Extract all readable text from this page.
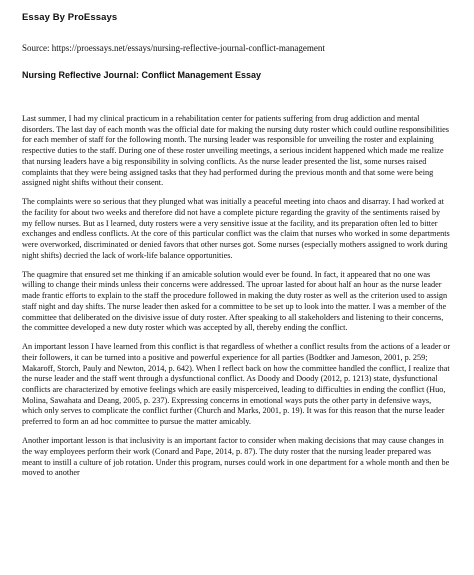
Essay By ProEssays

Source: https://proessays.net/essays/nursing-reflective-journal-conflict-management

Nursing Reflective Journal: Conflict Management Essay

Last summer, I had my clinical practicum in a rehabilitation center for patients suffering from drug addiction and mental disorders. The last day of each month was the official date for making the nursing duty roster which could outline responsibilities for each member of staff for the following month. The nursing leader was responsible for unveiling the roster and explaining respective duties to the staff. During one of these roster unveiling meetings, a serious incident happened which made me realize that nursing leaders have a big responsibility in solving conflicts. As the nurse leader presented the list, some nurses raised complaints that they were being assigned tasks that they had performed during the previous month and that some were being assigned night shifts without their consent.

The complaints were so serious that they plunged what was initially a peaceful meeting into chaos and disarray. I had worked at the facility for about two weeks and therefore did not have a complete picture regarding the gravity of the sentiments raised by my fellow nurses. But as I learned, duty rosters were a very sensitive issue at the facility, and its preparation often led to bitter exchanges and endless conflicts. At the core of this particular conflict was the claim that nurses who worked in some departments were overworked, discriminated or denied favors that other nurses got. Some nurses (especially mothers assigned to work during night shifts) decried the lack of work-life balance opportunities.

The quagmire that ensured set me thinking if an amicable solution would ever be found. In fact, it appeared that no one was willing to change their minds unless their concerns were addressed. The uproar lasted for about half an hour as the nurse leader made frantic efforts to explain to the staff the procedure followed in making the duty roster as well as the criterion used to assign staff night and day shifts. The nurse leader then asked for a committee to be set up to look into the matter. I was a member of the committee that deliberated on the divisive issue of duty roster. After speaking to all stakeholders and listening to their concerns, the committee developed a new duty roster which was accepted by all, thereby ending the conflict.

An important lesson I have learned from this conflict is that regardless of whether a conflict results from the actions of a leader or their followers, it can be turned into a positive and powerful experience for all parties (Bodtker and Jameson, 2001, p. 259; Makaroff, Storch, Pauly and Newton, 2014, p. 642). When I reflect back on how the committee handled the conflict, I realize that the nurse leader and the staff went through a dysfunctional conflict. As Doody and Doody (2012, p. 1213) state, dysfunctional conflicts are characterized by emotive feelings which are easily misperceived, leading to difficulties in ending the conflict (Huo, Molina, Sawahata and Deang, 2005, p. 237). Expressing concerns in emotional ways puts the other party in defensive ways, which only serves to complicate the conflict further (Church and Marks, 2001, p. 19). It was for this reason that the nurse leader preferred to form an ad hoc committee to pursue the matter amicably.

Another important lesson is that inclusivity is an important factor to consider when making decisions that may cause changes in the way employees perform their work (Conard and Pape, 2014, p. 87). The duty roster that the nursing leader prepared was meant to instill a culture of job rotation. Under this program, nurses could work in one department for a whole month and then be moved to another
